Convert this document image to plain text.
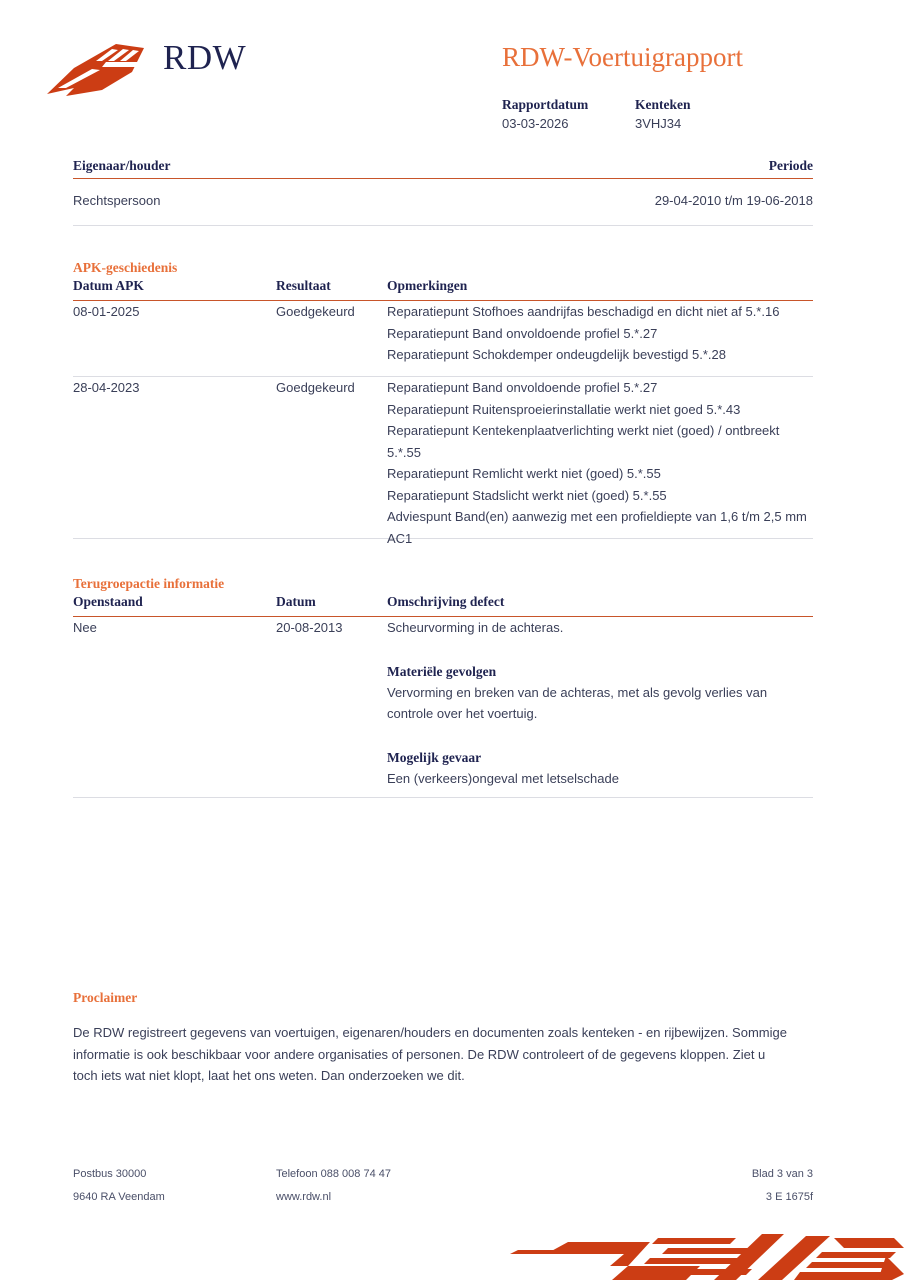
RDW	RDW-Voertuigrapport
Rapportdatum
03-03-2026
Kenteken
3VHJ34
Eigenaar/houder	Periode
Rechtspersoon	29-04-2010 t/m 19-06-2018
APK-geschiedenis
Datum APK	Resultaat	Opmerkingen
08-01-2025	Goedgekeurd	Reparatiepunt Stofhoes aandrijfas beschadigd en dicht niet af 5.*.16
Reparatiepunt Band onvoldoende profiel 5.*.27
Reparatiepunt Schokdemper ondeugdelijk bevestigd 5.*.28
28-04-2023	Goedgekeurd	Reparatiepunt Band onvoldoende profiel 5.*.27
Reparatiepunt Ruitensproeierinstallatie werkt niet goed 5.*.43
Reparatiepunt Kentekenplaatverlichting werkt niet (goed) / ontbreekt 5.*.55
Reparatiepunt Remlicht werkt niet (goed) 5.*.55
Reparatiepunt Stadslicht werkt niet (goed) 5.*.55
Adviespunt Band(en) aanwezig met een profieldiepte van 1,6 t/m 2,5 mm AC1
Terugroepactie informatie
Openstaand	Datum	Omschrijving defect
Nee	20-08-2013	Scheurvorming in de achteras.
Materiële gevolgen
Vervorming en breken van de achteras, met als gevolg verlies van controle over het voertuig.
Mogelijk gevaar
Een (verkeers)ongeval met letselschade
Proclaimer
De RDW registreert gegevens van voertuigen, eigenaren/houders en documenten zoals kenteken - en rijbewijzen. Sommige informatie is ook beschikbaar voor andere organisaties of personen. De RDW controleert of de gegevens kloppen. Ziet u toch iets wat niet klopt, laat het ons weten. Dan onderzoeken we dit.
Postbus 30000	Telefoon 088 008 74 47	Blad 3 van 3
9640 RA Veendam	www.rdw.nl	3 E 1675f
